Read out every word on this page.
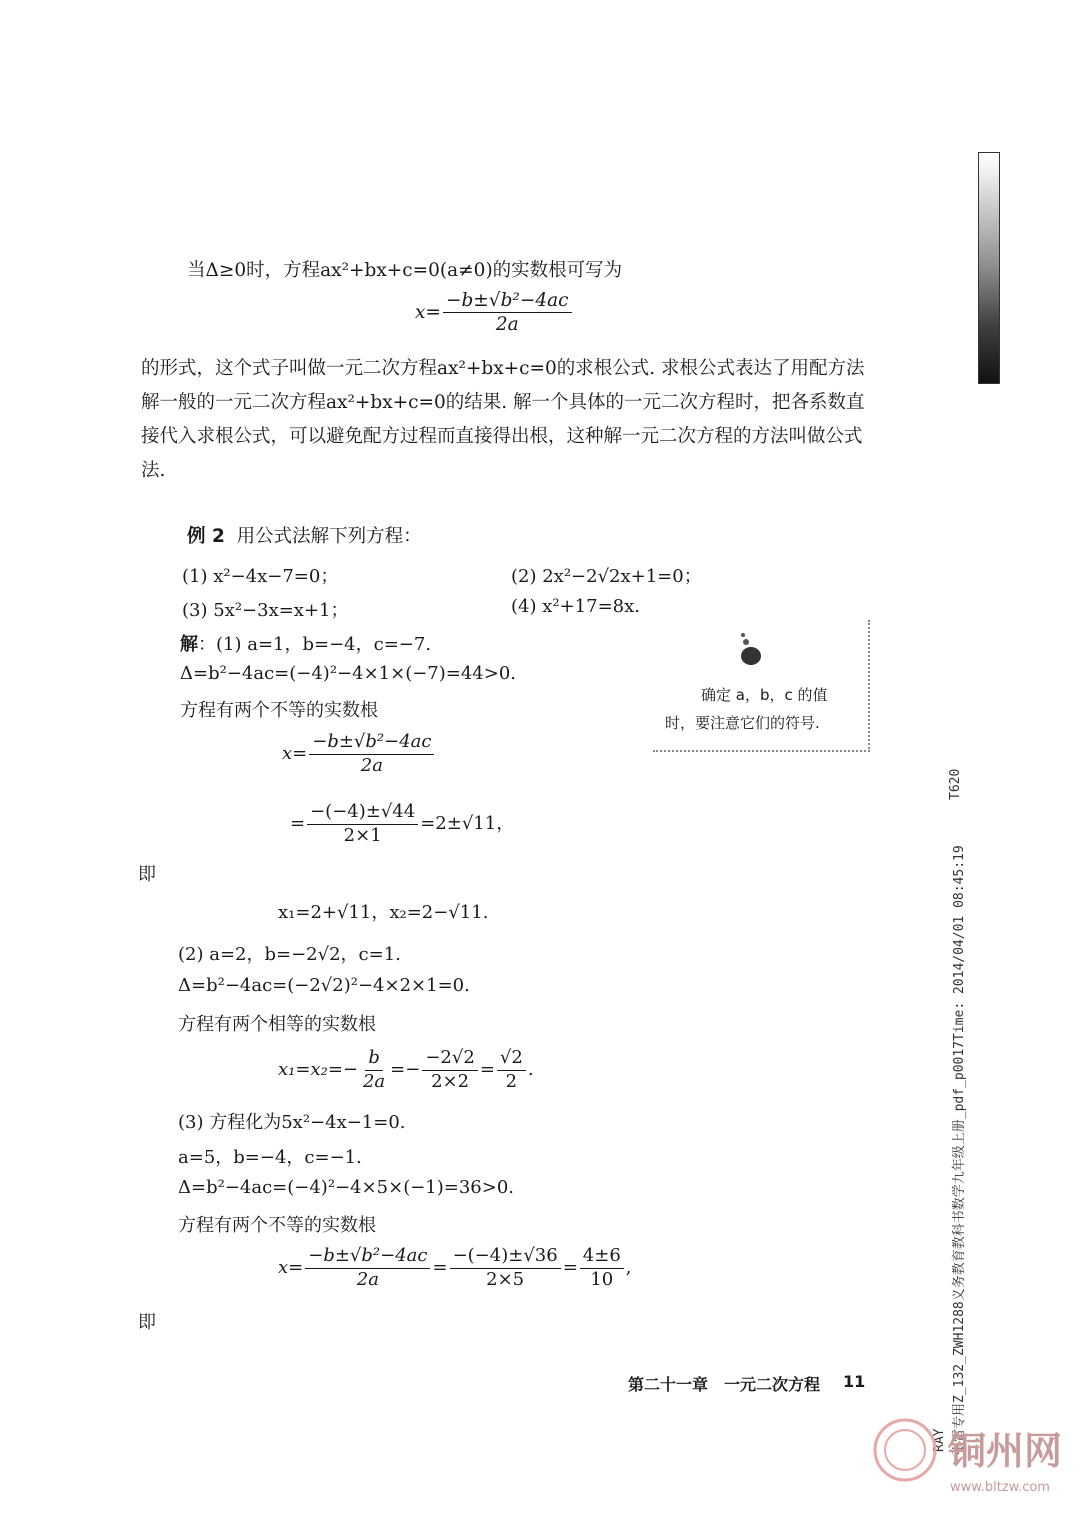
当Δ≥0时，方程ax²+bx+c=0(a≠0)的实数根可写为
$x= \frac{\text{−b±√b²−4ac}}{2a}$
的形式，这个式子叫做一元二次方程ax²+bx+c=0的求根公式. 求根公式表达了用配方法解一般的一元二次方程ax²+bx+c=0的结果. 解一个具体的一元二次方程时，把各系数直接代入求根公式，可以避免配方过程而直接得出根，这种解一元二次方程的方法叫做公式法.
例 2 用公式法解下列方程：
(1) x²−4x−7=0；	(2) 2x²−2√2x+1=0；
(3) 5x²−3x=x+1；	(4) x²+17=8x.
解：(1) a=1，b=−4，c=−7.
Δ=b²−4ac=(−4)²−4×1×(−7)=44>0.
方程有两个不等的实数根
$x= \frac{\text{−b±√b²−4ac}}{2a}$
= $\frac{-(-4)\pm√44}{2\times 1} =2\pm√11$，
即
x₁=2+√11，x₂=2−√11.
(2) a=2，b=−2√2，c=1.
Δ=b²−4ac=(−2√2)²−4×2×1=0.
方程有两个相等的实数根
$x_1=x_2=- \frac{b}{2a} =- \frac{-2√2}{2\times 2} = \frac{√2}{2}$ .
(3) 方程化为5x²−4x−1=0.
a=5，b=−4，c=−1.
Δ=b²−4ac=(−4)²−4×5×(−1)=36>0.
方程有两个不等的实数根
$x= \frac{\text{−b±√b²−4ac}}{2a} = \frac{-(-4)\pm√36}{2\times 5} = \frac{4\pm 6}{10}$ ,
即
确定 a，b，c 的值
时，要注意它们的符号.
第二十一章　一元二次方程 11
T620
张雷专用Z_132_ZWH1288义务教育教科书数学九年级上册_pdf_p0017Time: 2014/04/01 08:45:19
RAY 铜州网
www.bltzw.com
